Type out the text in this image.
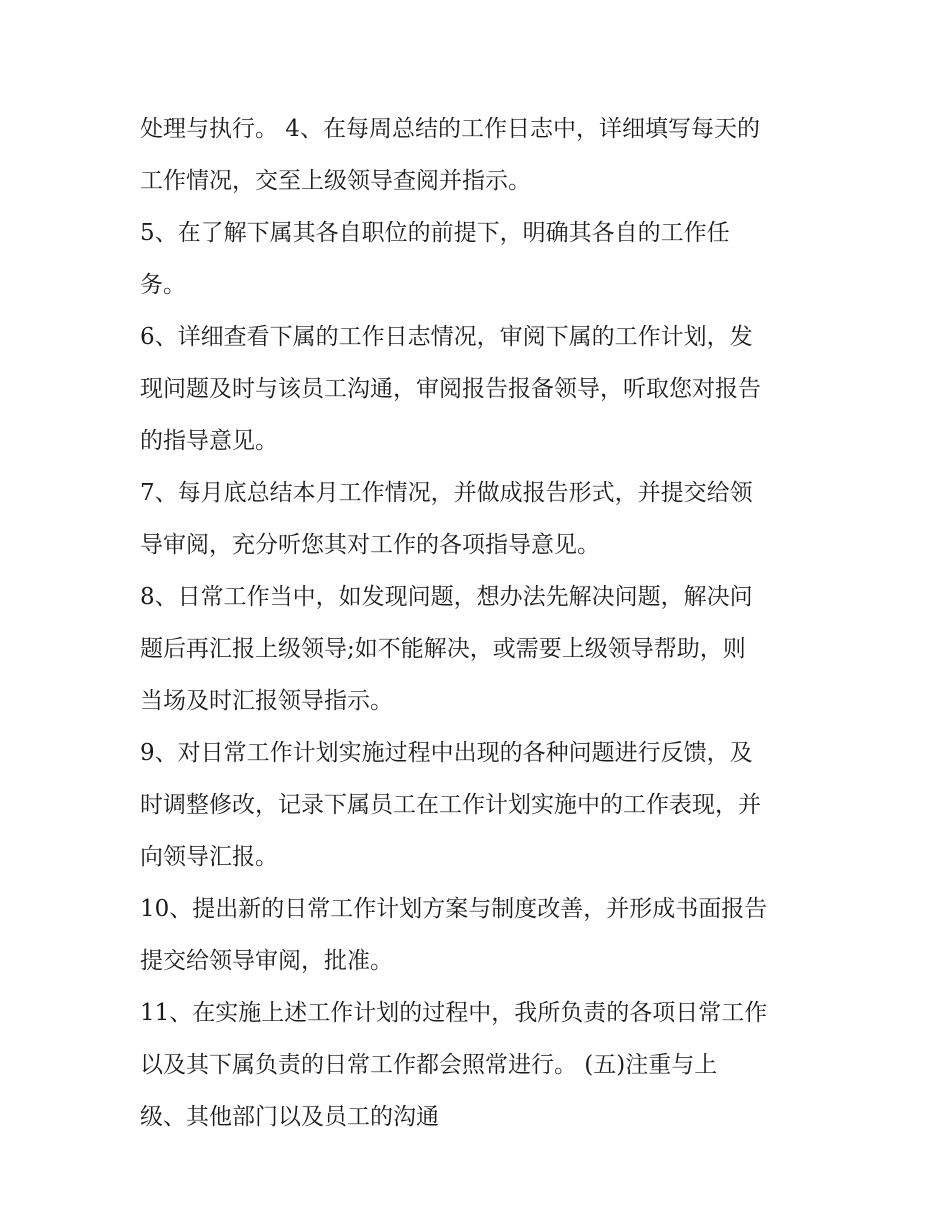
处理与执行。 4、在每周总结的工作日志中，详细填写每天的
工作情况，交至上级领导查阅并指示。
5、在了解下属其各自职位的前提下，明确其各自的工作任
务。
6、详细查看下属的工作日志情况，审阅下属的工作计划，发
现问题及时与该员工沟通，审阅报告报备领导，听取您对报告
的指导意见。
7、每月底总结本月工作情况，并做成报告形式，并提交给领
导审阅，充分听您其对工作的各项指导意见。
8、日常工作当中，如发现问题，想办法先解决问题，解决问
题后再汇报上级领导;如不能解决，或需要上级领导帮助，则
当场及时汇报领导指示。
9、对日常工作计划实施过程中出现的各种问题进行反馈，及
时调整修改，记录下属员工在工作计划实施中的工作表现，并
向领导汇报。
10、提出新的日常工作计划方案与制度改善，并形成书面报告
提交给领导审阅，批准。
11、在实施上述工作计划的过程中，我所负责的各项日常工作
以及其下属负责的日常工作都会照常进行。 (五)注重与上
级、其他部门以及员工的沟通
